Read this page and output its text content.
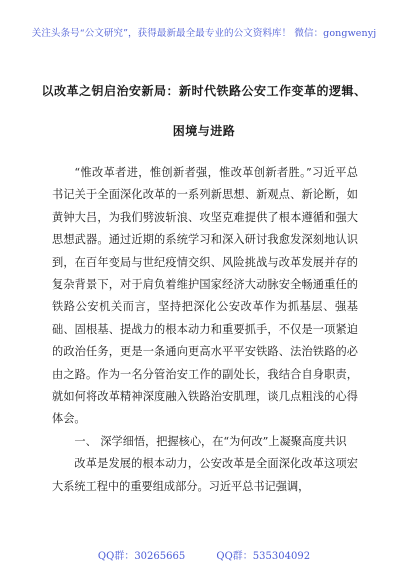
关注头条号“公文研究”，获得最新最全最专业的公文资料库！ 微信：gongwenyj
以改革之钥启治安新局：新时代铁路公安工作变革的逻辑、
困境与进路

“惟改革者进，惟创新者强，惟改革创新者胜。”习近平总书记关于全面深化改革的一系列新思想、新观点、新论断，如黄钟大吕，为我们劈波斩浪、攻坚克难提供了根本遵循和强大思想武器。通过近期的系统学习和深入研讨我愈发深刻地认识到，在百年变局与世纪疫情交织、风险挑战与改革发展并存的复杂背景下，对于肩负着维护国家经济大动脉安全畅通重任的铁路公安机关而言，坚持把深化公安改革作为抓基层、强基础、固根基、提战力的根本动力和重要抓手，不仅是一项紧迫的政治任务，更是一条通向更高水平平安铁路、法治铁路的必由之路。作为一名分管治安工作的副处长，我结合自身职责，就如何将改革精神深度融入铁路治安肌理，谈几点粗浅的心得体会。

一、 深学细悟，把握核心，在“为何改”上凝聚高度共识

改革是发展的根本动力，公安改革是全面深化改革这项宏大系统工程中的重要组成部分。习近平总书记强调，

QQ群：30265665	QQ群：535304092
